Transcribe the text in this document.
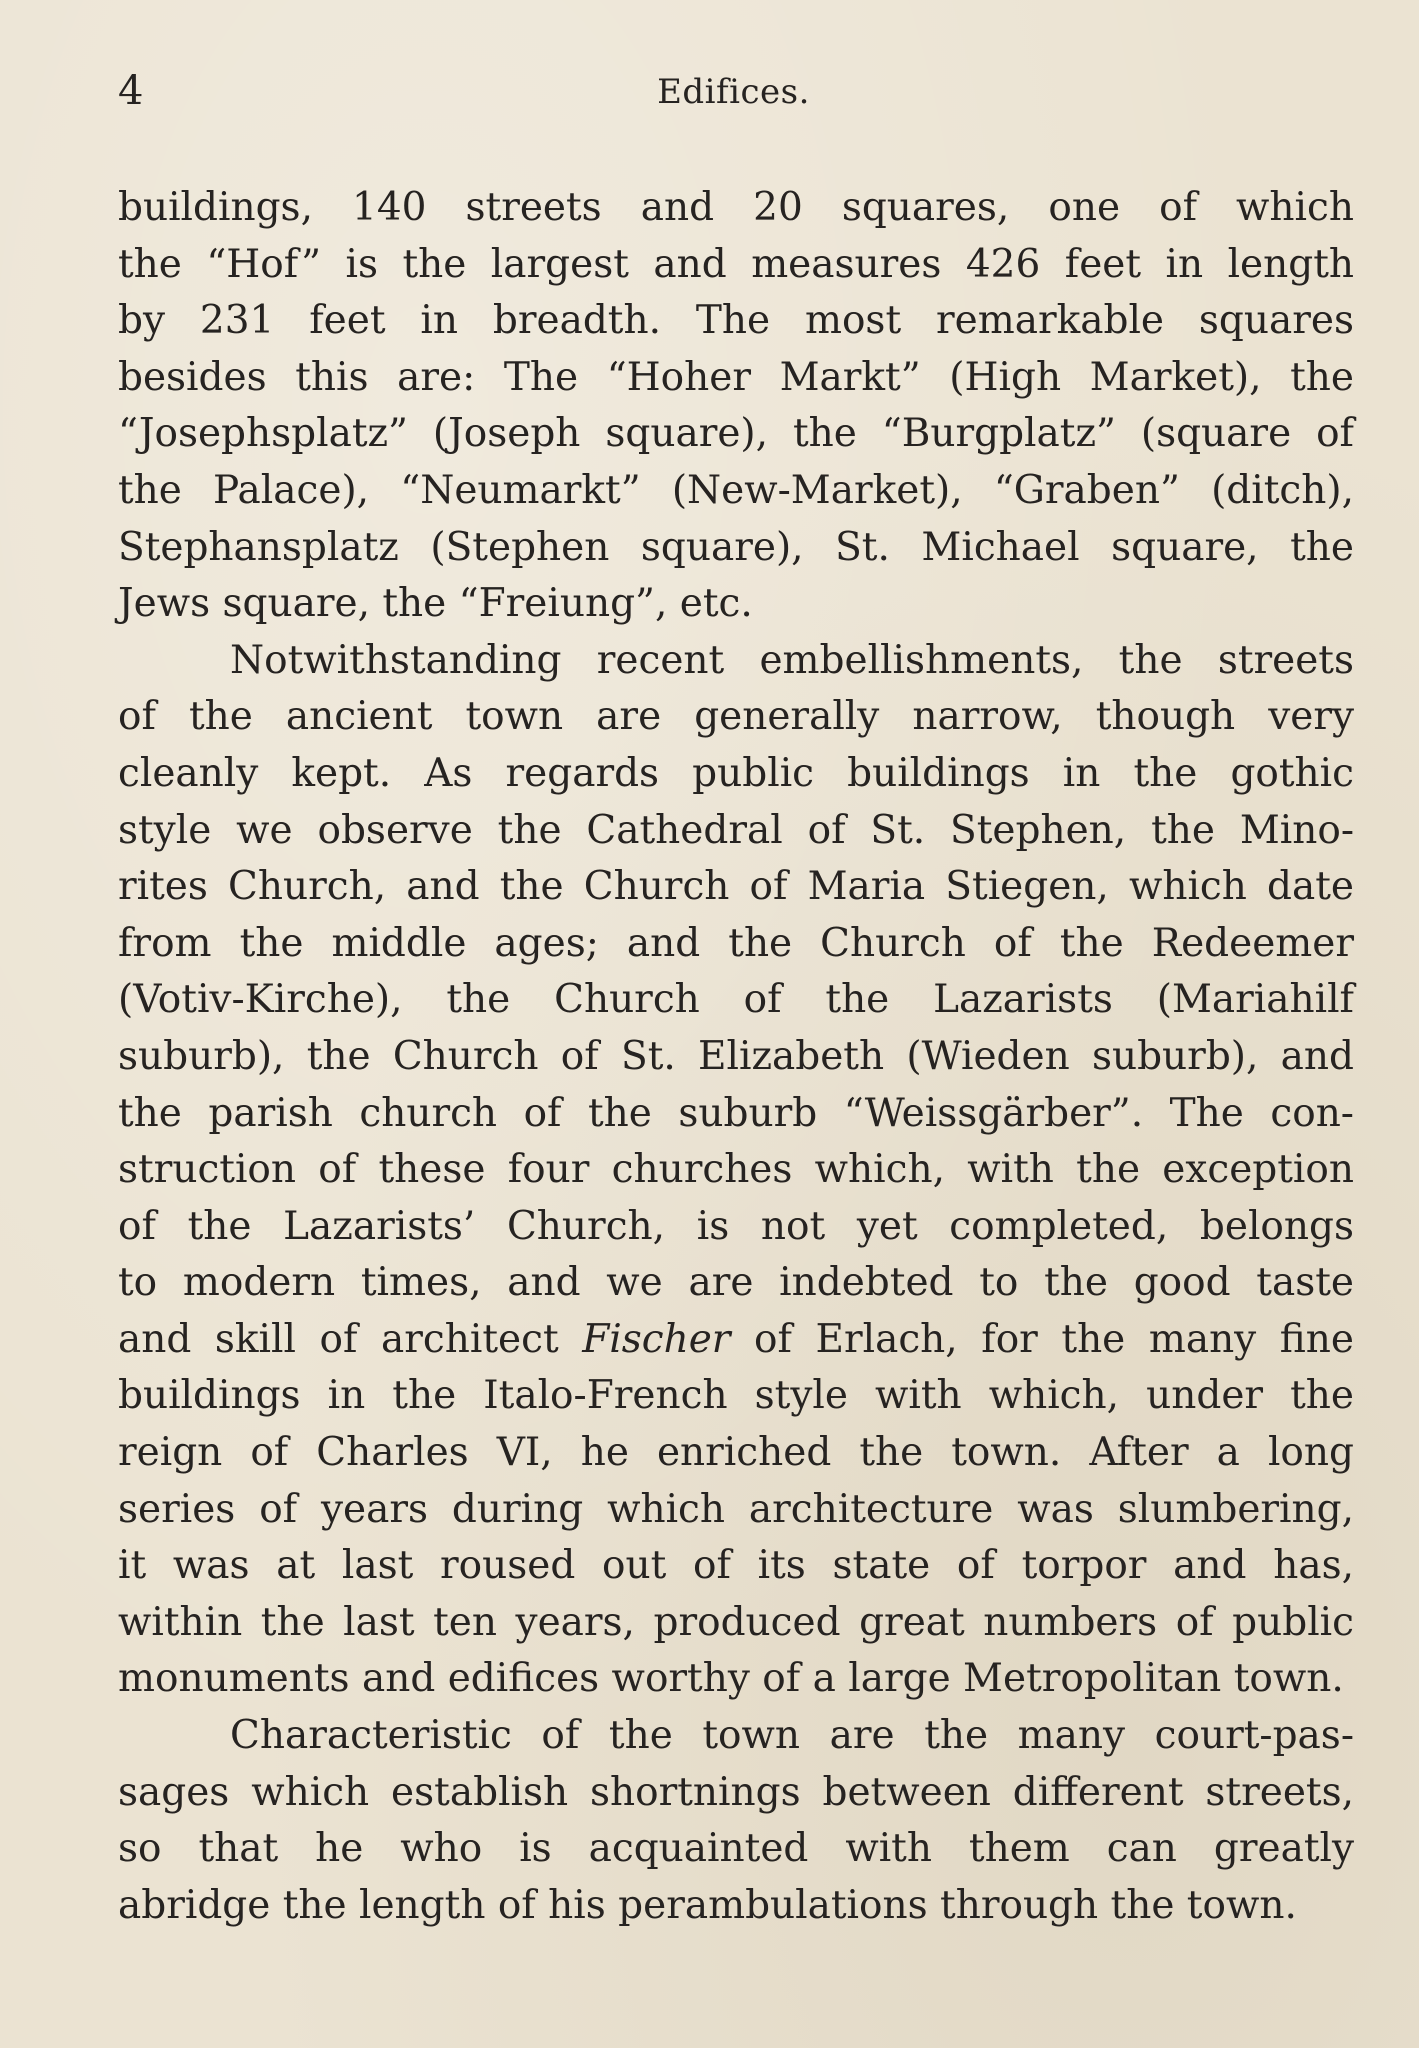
4	Edifices.
buildings, 140 streets and 20 squares, one of which
the “Hof” is the largest and measures 426 feet in length
by 231 feet in breadth. The most remarkable squares
besides this are: The “Hoher Markt” (High Market), the
“Josephsplatz” (Joseph square), the “Burgplatz” (square of
the Palace), “Neumarkt” (New-Market), “Graben” (ditch),
Stephansplatz (Stephen square), St. Michael square, the
Jews square, the “Freiung”, etc.
Notwithstanding recent embellishments, the streets
of the ancient town are generally narrow, though very
cleanly kept. As regards public buildings in the gothic
style we observe the Cathedral of St. Stephen, the Mino-
rites Church, and the Church of Maria Stiegen, which date
from the middle ages; and the Church of the Redeemer
(Votiv-Kirche), the Church of the Lazarists (Mariahilf
suburb), the Church of St. Elizabeth (Wieden suburb), and
the parish church of the suburb “Weissgärber”. The con-
struction of these four churches which, with the exception
of the Lazarists’ Church, is not yet completed, belongs
to modern times, and we are indebted to the good taste
and skill of architect Fischer of Erlach, for the many fine
buildings in the Italo-French style with which, under the
reign of Charles VI, he enriched the town. After a long
series of years during which architecture was slumbering,
it was at last roused out of its state of torpor and has,
within the last ten years, produced great numbers of public
monuments and edifices worthy of a large Metropolitan town.
Characteristic of the town are the many court-pas-
sages which establish shortnings between different streets,
so that he who is acquainted with them can greatly
abridge the length of his perambulations through the town.
